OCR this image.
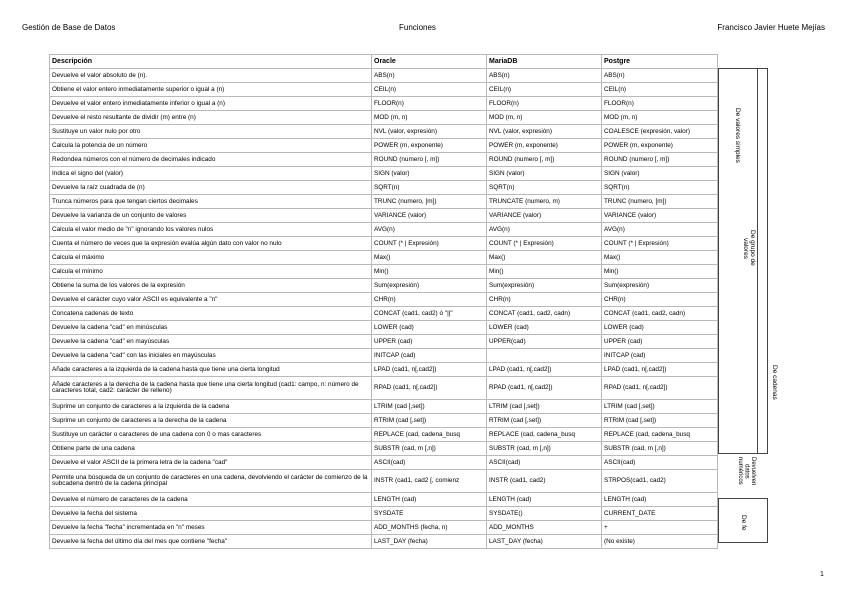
Gestión de Base de Datos	Funciones	Francisco Javier Huete Mejías
Descripción	Oracle	MariaDB	Postgre
Devuelve el valor absoluto de (n).	ABS(n)	ABS(n)	ABS(n)
Obtiene el valor entero inmediatamente superior o igual a (n)	CEIL(n)	CEIL(n)	CEIL(n)
Devuelve el valor entero inmediatamente inferior o igual a (n)	FLOOR(n)	FLOOR(n)	FLOOR(n)
Devuelve el resto resultante de dividir (m) entre (n)	MOD (m, n)	MOD (m, n)	MOD (m, n)
Sustituye un valor nulo por otro	NVL (valor, expresión)	NVL (valor, expresión)	COALESCE (expresión, valor)
Calcula la potencia de un número	POWER (m, exponente)	POWER (m, exponente)	POWER (m, exponente)
Redondea números con el número de decimales indicado	ROUND (numero [, m])	ROUND (numero [, m])	ROUND (numero [, m])
Indica el signo del (valor)	SIGN (valor)	SIGN (valor)	SIGN (valor)
Devuelve la raíz cuadrada de (n)	SQRT(n)	SQRT(n)	SQRT(n)
Trunca números para que tengan ciertos decimales	TRUNC (numero, [m])	TRUNCATE (numero, m)	TRUNC (numero, [m])
Devuelve la varianza de un conjunto de valores	VARIANCE (valor)	VARIANCE (valor)	VARIANCE (valor)
Calcula el valor medio de "n" ignorando los valores nulos	AVG(n)	AVG(n)	AVG(n)
Cuenta el número de veces que la expresión evalúa algún dato con valor no nulo	COUNT (* | Expresión)	COUNT (* | Expresión)	COUNT (* | Expresión)
Calcula el máximo	Max()	Max()	Max()
Calcula el mínimo	Min()	Min()	Min()
Obtiene la suma de los valores de la expresión	Sum(expresión)	Sum(expresión)	Sum(expresión)
Devuelve el carácter cuyo valor ASCII es equivalente a "n"	CHR(n)	CHR(n)	CHR(n)
Concatena cadenas de texto	CONCAT (cad1, cad2) ó "||"	CONCAT (cad1, cad2, cadn)	CONCAT (cad1, cad2, cadn)
Devuelve la cadena "cad" en minúsculas	LOWER (cad)	LOWER (cad)	LOWER (cad)
Devuelve la cadena "cad" en mayúsculas	UPPER (cad)	UPPER(cad)	UPPER (cad)
Devuelve la cadena "cad" con las iniciales en mayúsculas	INITCAP (cad)		INITCAP (cad)
Añade caracteres a la izquierda de la cadena hasta que tiene una cierta longitud	LPAD (cad1, n[,cad2])	LPAD (cad1, n[,cad2])	LPAD (cad1, n[,cad2])
Añade caracteres a la derecha de la cadena hasta que tiene una cierta longitud (cad1: campo, n: número de caracteres total, cad2: carácter de relleno)	RPAD (cad1, n[,cad2])	RPAD (cad1, n[,cad2])	RPAD (cad1, n[,cad2])
Suprime un conjunto de caracteres a la izquierda de la cadena	LTRIM (cad [,set])	LTRIM (cad [,set])	LTRIM (cad [,set])
Suprime un conjunto de caracteres a la derecha de la cadena	RTRIM (cad [,set])	RTRIM (cad [,set])	RTRIM (cad [,set])
Sustituye un carácter o caracteres de una cadena con 0 o mas caracteres	REPLACE (cad, cadena_busq	REPLACE (cad, cadena_busq	REPLACE (cad, cadena_busq
Obtiene parte de una cadena	SUBSTR (cad, m [,n])	SUBSTR (cad, m [,n])	SUBSTR (cad, m [,n])
Devuelve el valor ASCII de la primera letra de la cadena "cad"	ASCII(cad)	ASCII(cad)	ASCII(cad)
Permite una búsqueda de un conjunto de caracteres en una cadena, devolviendo el carácter de comienzo de la subcadena dentro de la cadena principal	INSTR (cad1, cad2 [, comienz	INSTR (cad1, cad2)	STRPOS(cad1, cad2)
Devuelve el número de caracteres de la cadena	LENGTH (cad)	LENGTH (cad)	LENGTH (cad)
Devuelve la fecha del sistema	SYSDATE	SYSDATE()	CURRENT_DATE
Devuelve la fecha "fecha" incrementada en "n" meses	ADD_MONTHS (fecha, n)	ADD_MONTHS	+
Devuelve la fecha del último día del mes que contiene "fecha"	LAST_DAY (fecha)	LAST_DAY (fecha)	(No existe)
De valores simples
De grupo de valores
De cadenas
Devuelven datos numéricos
De fe
1
